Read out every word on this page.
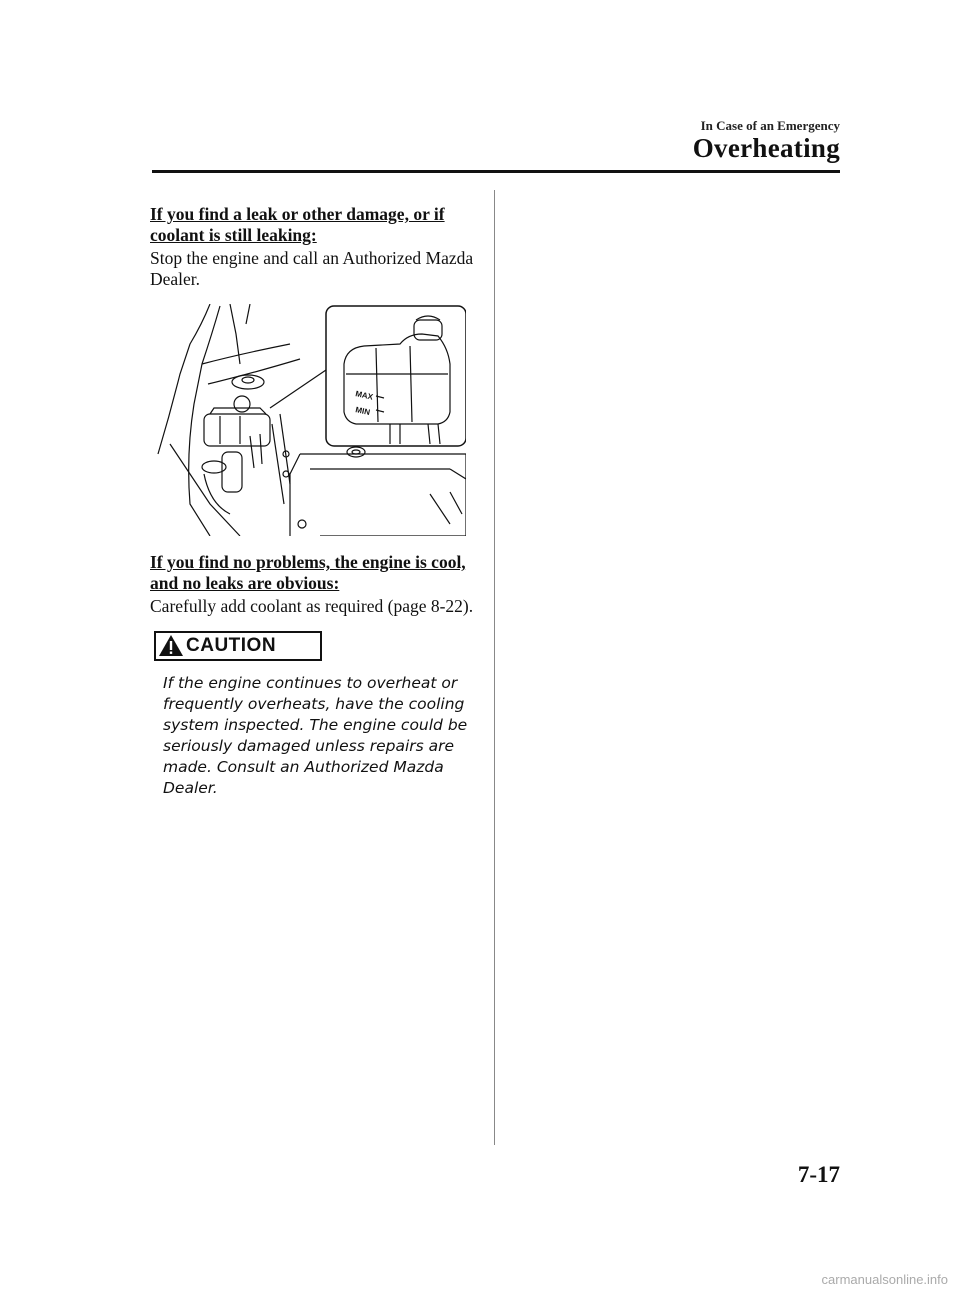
In Case of an Emergency
Overheating

If you find a leak or other damage, or if coolant is still leaking:

Stop the engine and call an Authorized Mazda Dealer.

MAX
MIN

If you find no problems, the engine is cool, and no leaks are obvious:

Carefully add coolant as required (page 8-22).

CAUTION

If the engine continues to overheat or frequently overheats, have the cooling system inspected. The engine could be seriously damaged unless repairs are made. Consult an Authorized Mazda Dealer.

7-17
carmanualsonline.info
